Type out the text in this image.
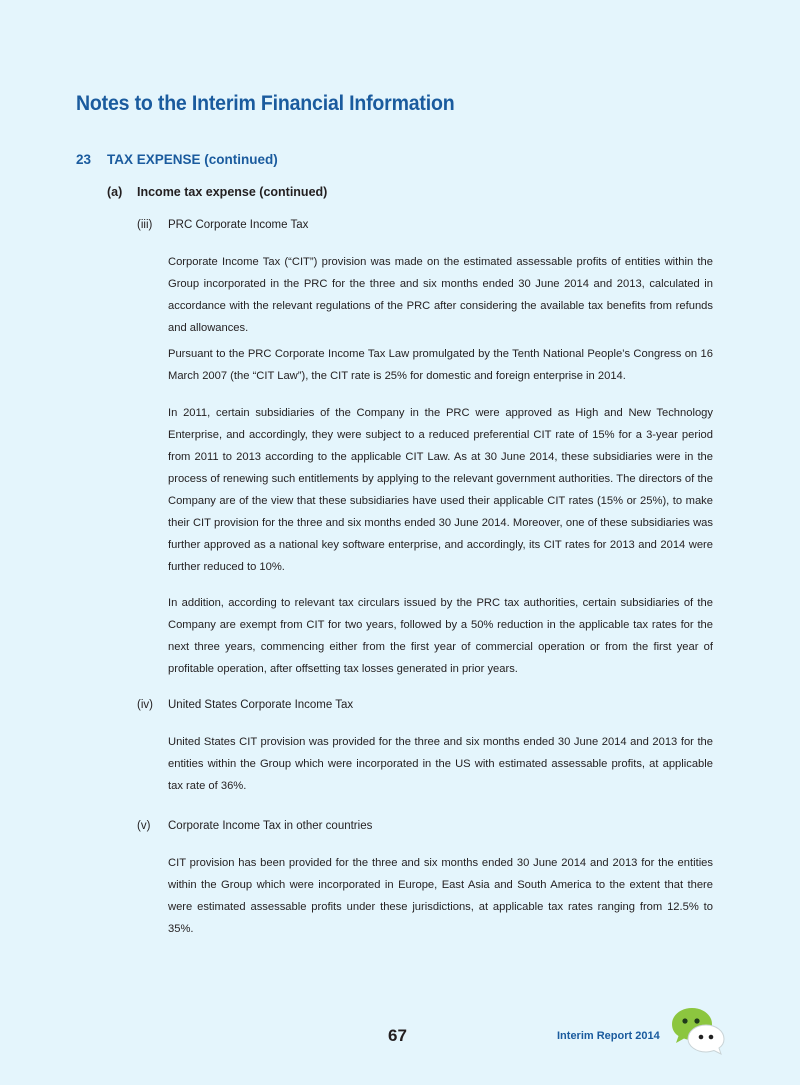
Notes to the Interim Financial Information
23 TAX EXPENSE (continued)
(a) Income tax expense (continued)
(iii) PRC Corporate Income Tax

Corporate Income Tax (“CIT”) provision was made on the estimated assessable profits of entities within the Group incorporated in the PRC for the three and six months ended 30 June 2014 and 2013, calculated in accordance with the relevant regulations of the PRC after considering the available tax benefits from refunds and allowances.

Pursuant to the PRC Corporate Income Tax Law promulgated by the Tenth National People’s Congress on 16 March 2007 (the “CIT Law”), the CIT rate is 25% for domestic and foreign enterprise in 2014.

In 2011, certain subsidiaries of the Company in the PRC were approved as High and New Technology Enterprise, and accordingly, they were subject to a reduced preferential CIT rate of 15% for a 3-year period from 2011 to 2013 according to the applicable CIT Law. As at 30 June 2014, these subsidiaries were in the process of renewing such entitlements by applying to the relevant government authorities. The directors of the Company are of the view that these subsidiaries have used their applicable CIT rates (15% or 25%), to make their CIT provision for the three and six months ended 30 June 2014. Moreover, one of these subsidiaries was further approved as a national key software enterprise, and accordingly, its CIT rates for 2013 and 2014 were further reduced to 10%.

In addition, according to relevant tax circulars issued by the PRC tax authorities, certain subsidiaries of the Company are exempt from CIT for two years, followed by a 50% reduction in the applicable tax rates for the next three years, commencing either from the first year of commercial operation or from the first year of profitable operation, after offsetting tax losses generated in prior years.

(iv) United States Corporate Income Tax

United States CIT provision was provided for the three and six months ended 30 June 2014 and 2013 for the entities within the Group which were incorporated in the US with estimated assessable profits, at applicable tax rate of 36%.

(v) Corporate Income Tax in other countries

CIT provision has been provided for the three and six months ended 30 June 2014 and 2013 for the entities within the Group which were incorporated in Europe, East Asia and South America to the extent that there were estimated assessable profits under these jurisdictions, at applicable tax rates ranging from 12.5% to 35%.

67	Interim Report 2014
